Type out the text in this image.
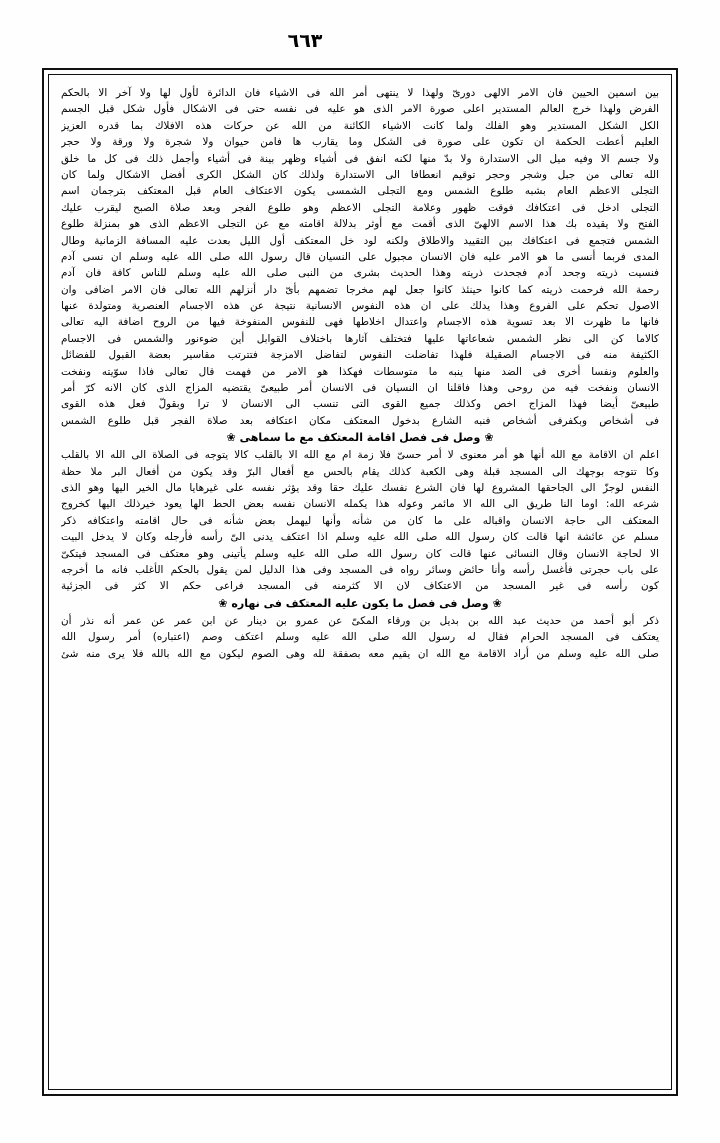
٦٦٣
بين اسمين الحيين فان الامر الالهى دورىّ ولهذا لا ينتهى أمر الله فى الاشياء فان الدائرة لأول لها ولا آخر الا بالحكم
الفرض ولهذا خرج العالم المستدير اعلى صورة الامر الذى هو عليه فى نفسه حتى فى الاشكال فأول شكل قبل الجسم
الكل الشكل المستدير وهو الفلك ولما كانت الاشياء الكائنة من الله عن حركات هذه الافلاك بما قدره العزيز
العليم أعطت الحكمة ان تكون على صورة فى الشكل وما يقارب ها فامن حيوان ولا شجرة ولا ورقة ولا حجر
ولا جسم الا وفيه ميل الى الاستدارة ولا بدّ منها لكنه انفق فى أشياء وظهر بينة فى أشياء وأجمل ذلك فى كل ما خلق
الله تعالى من جبل وشجر وحجر توقيم انعطافا الى الاستدارة ولذلك كان الشكل الكرى أفضل الاشكال ولما كان
التجلى الاعظم العام بشبه طلوع الشمس ومع التجلى الشمسى يكون الاعتكاف العام قبل المعتكف بترجمان اسم
التجلى ادخل فى اعتكافك فوقت ظهور وعلامة التجلى الاعظم وهو طلوع الفجر وبعد صلاة الصبح ليقرب عليك
الفتح ولا يقيده بك هذا الاسم الالهىّ الذى أقمت مع أوثر بدلالة اقامته مع عن التجلى الاعظم الذى هو بمنزلة طلوع
الشمس فتجمع فى اعتكافك بين التقييد والاطلاق ولكنه لود خل المعتكف أول الليل بعدت عليه المسافة الزمانية وطال
المدى فربما أنسى ما هو الامر عليه فان الانسان مجبول على النسيان قال رسول الله صلى الله عليه وسلم ان نسى آدم
فنسيت ذريته وجحد آدم فجحدت ذريته وهذا الحديث بشرى من النبى صلى الله عليه وسلم للناس كافة فان آدم
رحمة الله فرحمت ذريته كما كانوا حينئذ كانوا جعل لهم مخرجا تضمهم بأىّ دار أنزلهم الله تعالى فان الامر اضافى وان
الاصول تحكم على الفروع وهذا يدلك على ان هذه النفوس الانسانية نتيجة عن هذه الاجسام العنصرية ومتولدة عنها
فانها ما ظهرت الا بعد تسوية هذه الاجسام واعتدال اخلاطها فهى للنفوس المنفوخة فيها من الروح اضافة اليه تعالى
كالاما كن الى نظر الشمس شعاعاتها عليها فتختلف آثارها باختلاف القوابل أين ضوءنور والشمس فى الاجسام
الكثيفة منه فى الاجسام الصقيلة فلهذا تفاضلت النفوس لتفاضل الامزجة فتترتب مقاسير بعضة القبول للفضائل
والعلوم ونفسا أخرى فى الضد منها ينبه ما متوسطات فهكذا هو الامر من فهمت قال تعالى فاذا سوّيته ونفخت
الانسان ونفخت فيه من روحى وهذا فاقلنا ان النسيان فى الانسان أمر طبيعىّ يقتضيه المزاج الذى كان الانه كرّ أمر
طبيعىّ أيضا فهذا المزاج اخص وكذلك جميع القوى التى تنسب الى الانسان لا ترا وبقولّ فعل هذه القوى
فى أشخاص وبكفرفى أشخاص فنبه الشارع بدخول المعتكف مكان اعتكافه بعد صلاة الفجر قبل طلوع الشمس
❀وصل فى فصل اقامة المعتكف مع ما سماهى❀
اعلم ان الاقامة مع الله أنها هو أمر معنوى لا أمر حسىّ فلا زمة ام مع الله الا بالقلب كالا يتوجه فى الصلاة الى الله الا بالقلب
وكا تتوجه بوجهك الى المسجد قبلة وهى الكعبة كذلك يقام بالحس مع أفعال البرّ وقد يكون من أفعال البر ملا حظة
النفس لوجزّ الى الجاحقها المشروع لها فان الشرع نفسك عليك حقا وقد يؤثر نفسه على غيرهايا مال الخير اليها وهو الذى
شرعه الله: اوما النا طريق الى الله الا مائمر وعوله هذا يكمله الانسان نفسه بعض الحط الها يعود خيرذلك اليها كخروج
المعتكف الى حاجة الانسان واقباله على ما كان من شأنه وأنها ليهمل بعض شأنه فى حال اقامته واعتكافه ذكر
مسلم عن عائشة انها قالت كان رسول الله صلى الله عليه وسلم اذا اعتكف يدنى الىّ رأسه فأرجله وكان لا يدخل البيت
الا لحاجة الانسان وقال النسائى عنها قالت كان رسول الله صلى الله عليه وسلم يأتينى وهو معتكف فى المسجد فيتكىّ
على باب حجرتى فأغسل رأسه وأنا حائض وسائر رواه فى المسجد وفى هذا الدليل لمن يقول بالحكم الأغلب فانه ما أخرجه
كون رأسه فى غير المسجد من الاعتكاف لان الا كثرمنه فى المسجد فراعى حكم الا كثر فى الجزئية
❀وصل فى فصل ما يكون عليه المعتكف فى نهاره❀
ذكر أبو أحمد من حديث عبد الله بن بديل بن ورقاء المكىّ عن عمرو بن دينار عن ابن عمر عن عمر أنه نذر أن
يعتكف فى المسجد الحرام فقال له رسول الله صلى الله عليه وسلم اعتكف وصم (اعتباره) أمر رسول الله
صلى الله عليه وسلم من أراد الاقامة مع الله ان يقيم معه بصفقة لله وهى الصوم ليكون مع الله بالله فلا يرى منه شئ
